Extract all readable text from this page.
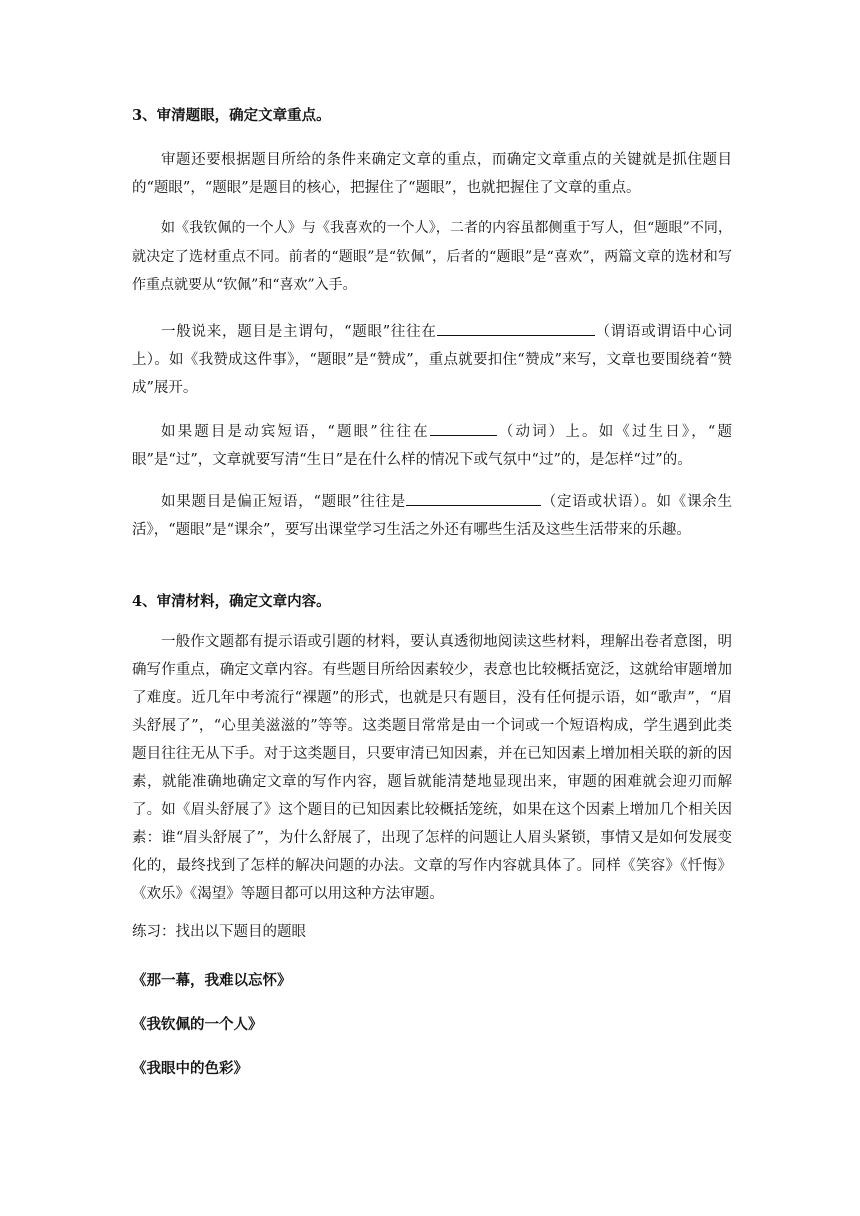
3、审清题眼，确定文章重点。

审题还要根据题目所给的条件来确定文章的重点，而确定文章重点的关键就是抓住题目的“题眼”，“题眼”是题目的核心，把握住了“题眼”，也就把握住了文章的重点。

如《我钦佩的一个人》与《我喜欢的一个人》，二者的内容虽都侧重于写人，但“题眼”不同，就决定了选材重点不同。前者的“题眼”是“钦佩”，后者的“题眼”是“喜欢”，两篇文章的选材和写作重点就要从“钦佩”和“喜欢”入手。

一般说来，题目是主谓句，“题眼”往往在	（谓语或谓语中心词上）。如《我赞成这件事》，“题眼”是“赞成”，重点就要扣住“赞成”来写，文章也要围绕着“赞成”展开。

如果题目是动宾短语，“题眼”往往在	（动词）上。如《过生日》，“题眼”是“过”，文章就要写清“生日”是在什么样的情况下或气氛中“过”的，是怎样“过”的。

如果题目是偏正短语，“题眼”往往是	（定语或状语）。如《课余生活》，“题眼”是“课余”，要写出课堂学习生活之外还有哪些生活及这些生活带来的乐趣。

4、审清材料，确定文章内容。

一般作文题都有提示语或引题的材料，要认真透彻地阅读这些材料，理解出卷者意图，明确写作重点，确定文章内容。有些题目所给因素较少，表意也比较概括宽泛，这就给审题增加了难度。近几年中考流行“裸题”的形式，也就是只有题目，没有任何提示语，如“歌声”，“眉头舒展了”，“心里美滋滋的”等等。这类题目常常是由一个词或一个短语构成，学生遇到此类题目往往无从下手。对于这类题目，只要审清已知因素，并在已知因素上增加相关联的新的因素，就能准确地确定文章的写作内容，题旨就能清楚地显现出来，审题的困难就会迎刃而解了。如《眉头舒展了》这个题目的已知因素比较概括笼统，如果在这个因素上增加几个相关因素：谁“眉头舒展了”，为什么舒展了，出现了怎样的问题让人眉头紧锁，事情又是如何发展变化的，最终找到了怎样的解决问题的办法。文章的写作内容就具体了。同样《笑容》《忏悔》《欢乐》《渴望》等题目都可以用这种方法审题。

练习：找出以下题目的题眼
《那一幕，我难以忘怀》
《我钦佩的一个人》
《我眼中的色彩》
